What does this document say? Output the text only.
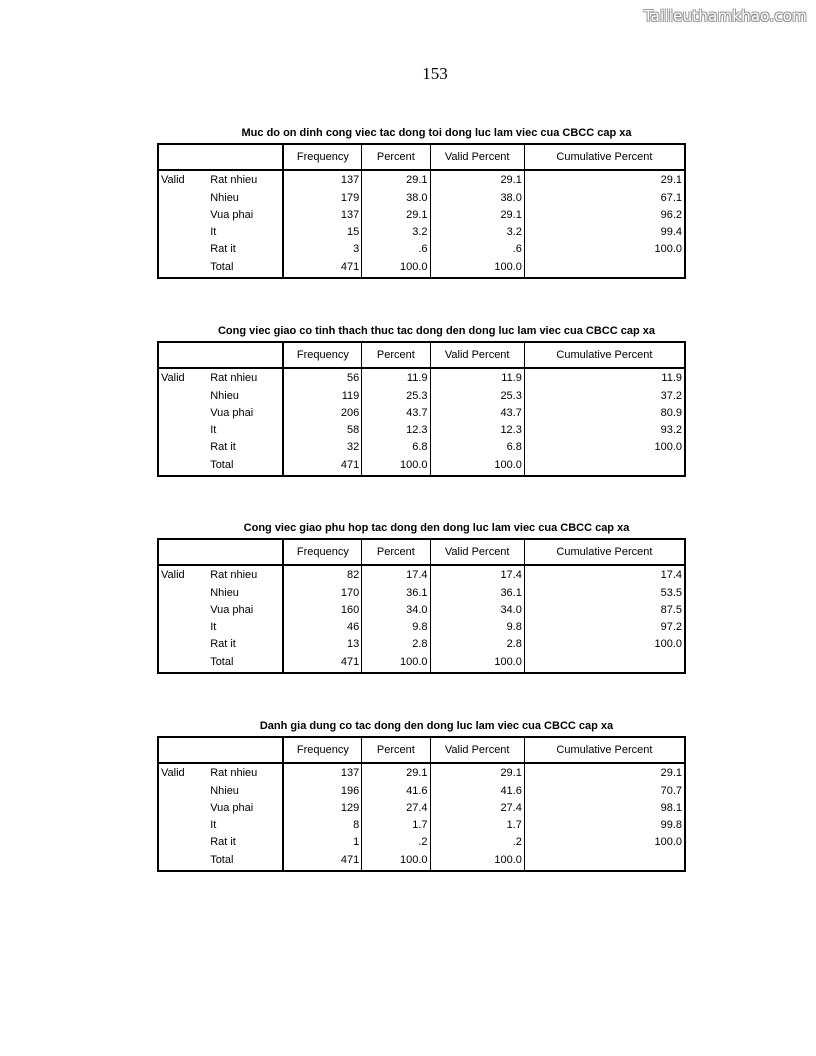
Tailieuthamkhao.com
153
Muc do on dinh cong viec tac dong toi dong luc lam viec cua CBCC cap xa
		Frequency	Percent	Valid Percent	Cumulative Percent
Valid	Rat nhieu	137	29.1	29.1	29.1
	Nhieu	179	38.0	38.0	67.1
	Vua phai	137	29.1	29.1	96.2
	It	15	3.2	3.2	99.4
	Rat it	3	.6	.6	100.0
	Total	471	100.0	100.0	
Cong viec giao co tinh thach thuc tac dong den dong luc lam viec cua CBCC cap xa
		Frequency	Percent	Valid Percent	Cumulative Percent
Valid	Rat nhieu	56	11.9	11.9	11.9
	Nhieu	119	25.3	25.3	37.2
	Vua phai	206	43.7	43.7	80.9
	It	58	12.3	12.3	93.2
	Rat it	32	6.8	6.8	100.0
	Total	471	100.0	100.0	
Cong viec giao phu hop tac dong den dong luc lam viec cua CBCC cap xa
		Frequency	Percent	Valid Percent	Cumulative Percent
Valid	Rat nhieu	82	17.4	17.4	17.4
	Nhieu	170	36.1	36.1	53.5
	Vua phai	160	34.0	34.0	87.5
	It	46	9.8	9.8	97.2
	Rat it	13	2.8	2.8	100.0
	Total	471	100.0	100.0	
Danh gia dung co tac dong den dong luc lam viec cua CBCC cap xa
		Frequency	Percent	Valid Percent	Cumulative Percent
Valid	Rat nhieu	137	29.1	29.1	29.1
	Nhieu	196	41.6	41.6	70.7
	Vua phai	129	27.4	27.4	98.1
	It	8	1.7	1.7	99.8
	Rat it	1	.2	.2	100.0
	Total	471	100.0	100.0	
